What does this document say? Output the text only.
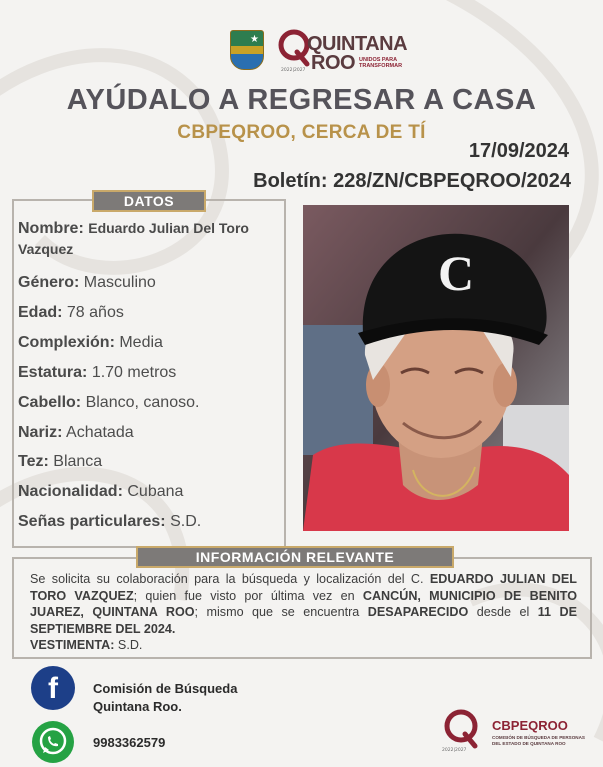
★ QUINTANA
ROO UNIDOS PARA TRANSFORMAR
2022|2027
AYÚDALO A REGRESAR A CASA
CBPEQROO, CERCA DE TÍ
17/09/2024
Boletín: 228/ZN/CBPEQROO/2024
DATOS
Nombre: Eduardo Julian Del Toro Vazquez
Género: Masculino
Edad: 78 años
Complexión: Media
Estatura: 1.70 metros
Cabello: Blanco, canoso.
Nariz: Achatada
Tez: Blanca
Nacionalidad: Cubana
Señas particulares: S.D.
C
INFORMACIÓN RELEVANTE
Se solicita su colaboración para la búsqueda y localización del C. EDUARDO JULIAN DEL TORO VAZQUEZ; quien fue visto por última vez en CANCÚN, MUNICIPIO DE BENITO JUAREZ, QUINTANA ROO; mismo que se encuentra DESAPARECIDO desde el 11 DE SEPTIEMBRE DEL 2024.
VESTIMENTA: S.D.
f	Comisión de Búsqueda Quintana Roo.
9983362579
CBPEQROO
COMISIÓN DE BÚSQUEDA DE PERSONAS DEL ESTADO DE QUINTANA ROO
2022|2027
